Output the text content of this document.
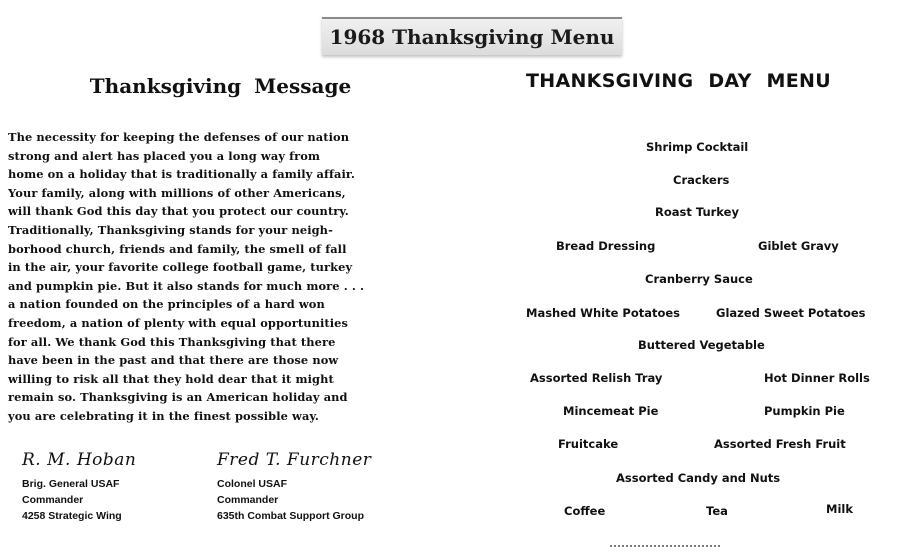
1968 Thanksgiving Menu
Thanksgiving Message
The necessity for keeping the defenses of our nation
strong and alert has placed you a long way from
home on a holiday that is traditionally a family affair.
Your family, along with millions of other Americans,
will thank God this day that you protect our country.
Traditionally, Thanksgiving stands for your neigh-
borhood church, friends and family, the smell of fall
in the air, your favorite college football game, turkey
and pumpkin pie. But it also stands for much more . . .
a nation founded on the principles of a hard won
freedom, a nation of plenty with equal opportunities
for all. We thank God this Thanksgiving that there
have been in the past and that there are those now
willing to risk all that they hold dear that it might
remain so. Thanksgiving is an American holiday and
you are celebrating it in the finest possible way.
R. M. Hoban
Brig. General USAF
Commander
4258 Strategic Wing
Fred T. Furchner
Colonel USAF
Commander
635th Combat Support Group
THANKSGIVING DAY MENU
Shrimp Cocktail
Crackers
Roast Turkey
Bread Dressing	Giblet Gravy
Cranberry Sauce
Mashed White Potatoes	Glazed Sweet Potatoes
Buttered Vegetable
Assorted Relish Tray	Hot Dinner Rolls
Mincemeat Pie	Pumpkin Pie
Fruitcake	Assorted Fresh Fruit
Assorted Candy and Nuts
Coffee	Tea	Milk
